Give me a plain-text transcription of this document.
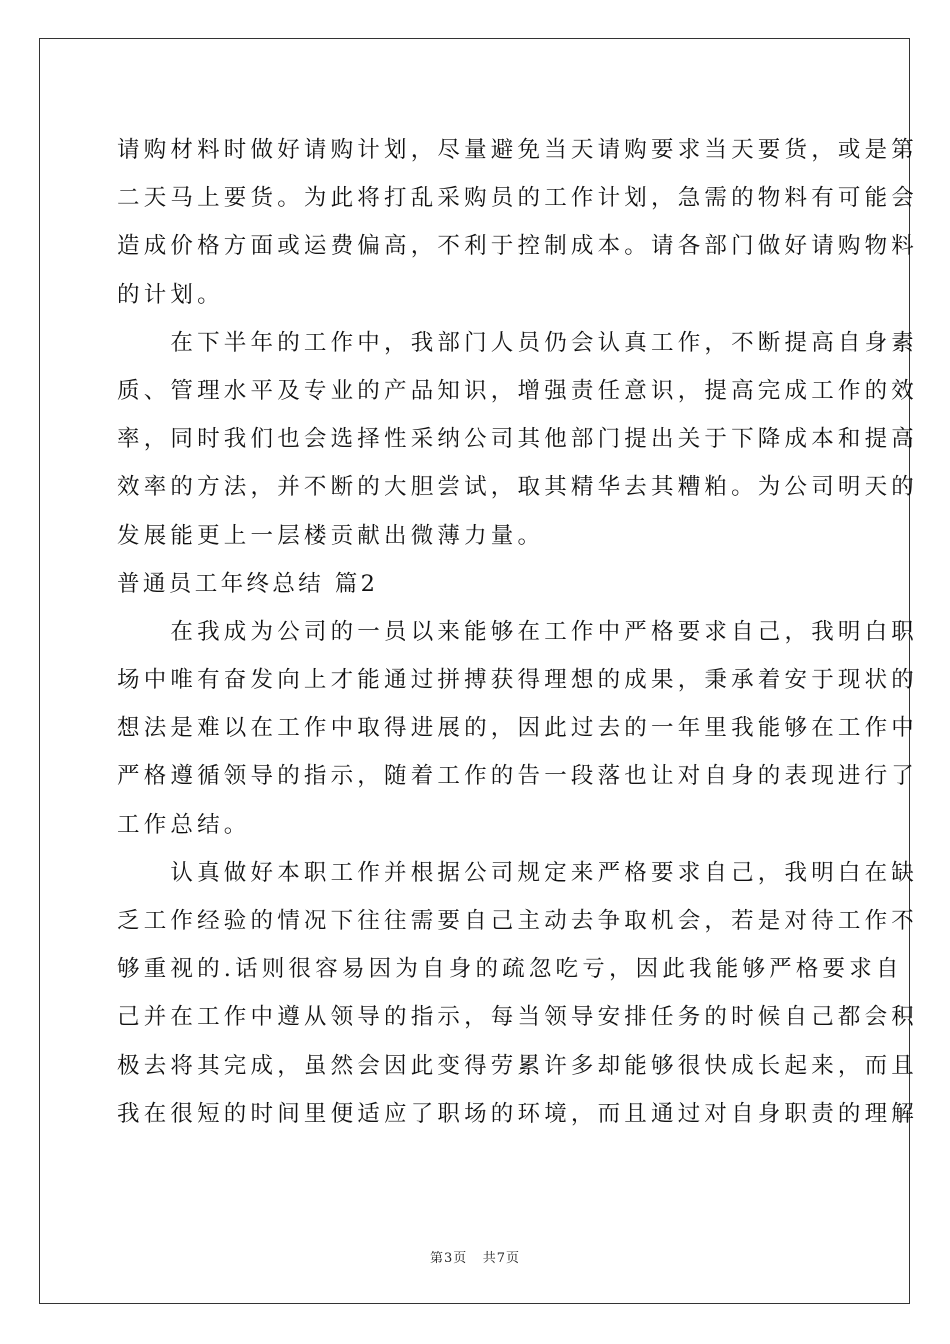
请购材料时做好请购计划，尽量避免当天请购要求当天要货，或是第
二天马上要货。为此将打乱采购员的工作计划，急需的物料有可能会
造成价格方面或运费偏高，不利于控制成本。请各部门做好请购物料
的计划。
　　在下半年的工作中，我部门人员仍会认真工作，不断提高自身素
质、管理水平及专业的产品知识，增强责任意识，提高完成工作的效
率，同时我们也会选择性采纳公司其他部门提出关于下降成本和提高
效率的方法，并不断的大胆尝试，取其精华去其糟粕。为公司明天的
发展能更上一层楼贡献出微薄力量。
普通员工年终总结 篇2
　　在我成为公司的一员以来能够在工作中严格要求自己，我明白职
场中唯有奋发向上才能通过拼搏获得理想的成果，秉承着安于现状的
想法是难以在工作中取得进展的，因此过去的一年里我能够在工作中
严格遵循领导的指示，随着工作的告一段落也让对自身的表现进行了
工作总结。
　　认真做好本职工作并根据公司规定来严格要求自己，我明白在缺
乏工作经验的情况下往往需要自己主动去争取机会，若是对待工作不
够重视的.话则很容易因为自身的疏忽吃亏，因此我能够严格要求自
己并在工作中遵从领导的指示，每当领导安排任务的时候自己都会积
极去将其完成，虽然会因此变得劳累许多却能够很快成长起来，而且
我在很短的时间里便适应了职场的环境，而且通过对自身职责的理解
第3页 共7页
